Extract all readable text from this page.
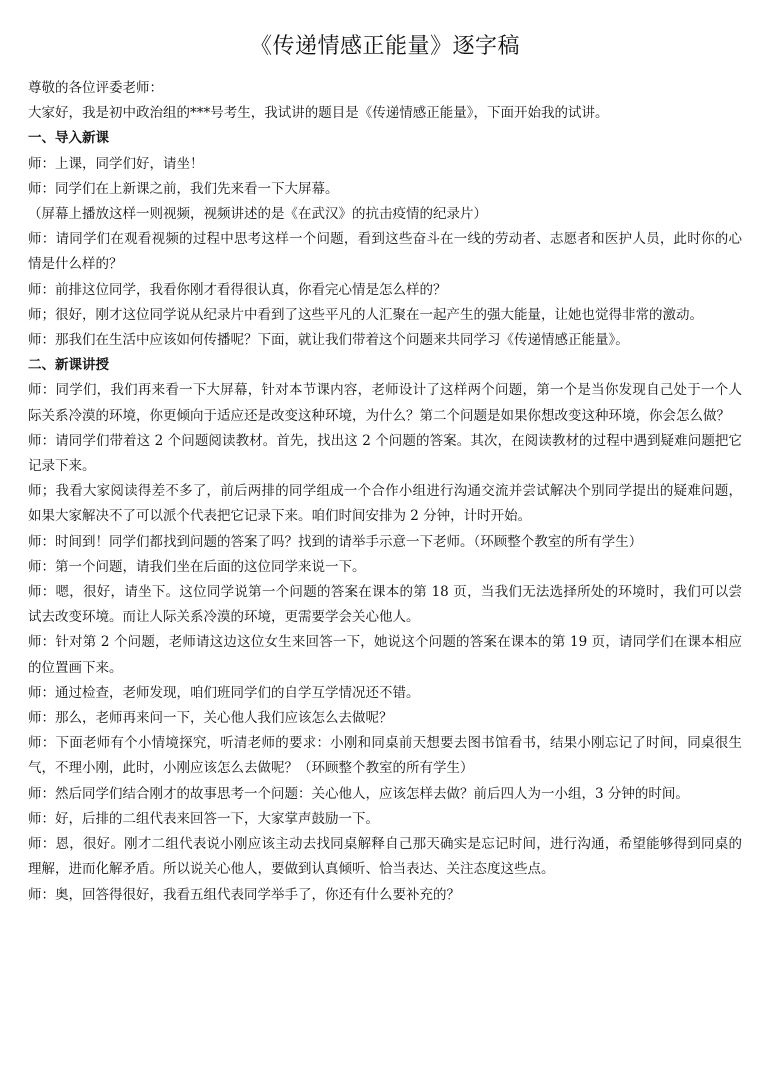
《传递情感正能量》逐字稿

尊敬的各位评委老师：

大家好，我是初中政治组的***号考生，我试讲的题目是《传递情感正能量》，下面开始我的试讲。

一、导入新课

师：上课，同学们好，请坐！

师：同学们在上新课之前，我们先来看一下大屏幕。

（屏幕上播放这样一则视频，视频讲述的是《在武汉》的抗击疫情的纪录片）

师：请同学们在观看视频的过程中思考这样一个问题，看到这些奋斗在一线的劳动者、志愿者和医护人员，此时你的心情是什么样的？

师：前排这位同学，我看你刚才看得很认真，你看完心情是怎么样的？

师；很好，刚才这位同学说从纪录片中看到了这些平凡的人汇聚在一起产生的强大能量，让她也觉得非常的激动。

师：那我们在生活中应该如何传播呢？下面，就让我们带着这个问题来共同学习《传递情感正能量》。

二、新课讲授

师：同学们，我们再来看一下大屏幕，针对本节课内容，老师设计了这样两个问题，第一个是当你发现自己处于一个人际关系冷漠的环境，你更倾向于适应还是改变这种环境，为什么？第二个问题是如果你想改变这种环境，你会怎么做？

师：请同学们带着这 2 个问题阅读教材。首先，找出这 2 个问题的答案。其次，在阅读教材的过程中遇到疑难问题把它记录下来。

师；我看大家阅读得差不多了，前后两排的同学组成一个合作小组进行沟通交流并尝试解决个别同学提出的疑难问题，如果大家解决不了可以派个代表把它记录下来。咱们时间安排为 2 分钟，计时开始。

师：时间到！同学们都找到问题的答案了吗？找到的请举手示意一下老师。（环顾整个教室的所有学生）

师：第一个问题，请我们坐在后面的这位同学来说一下。

师：嗯，很好，请坐下。这位同学说第一个问题的答案在课本的第 18 页，当我们无法选择所处的环境时，我们可以尝试去改变环境。而让人际关系冷漠的环境，更需要学会关心他人。

师：针对第 2 个问题，老师请这边这位女生来回答一下，她说这个问题的答案在课本的第 19 页，请同学们在课本相应的位置画下来。

师：通过检查，老师发现，咱们班同学们的自学互学情况还不错。

师：那么，老师再来问一下，关心他人我们应该怎么去做呢？

师：下面老师有个小情境探究，听清老师的要求：小刚和同桌前天想要去图书馆看书，结果小刚忘记了时间，同桌很生气，不理小刚，此时，小刚应该怎么去做呢？（环顾整个教室的所有学生）

师：然后同学们结合刚才的故事思考一个问题：关心他人，应该怎样去做？前后四人为一小组，3 分钟的时间。

师：好，后排的二组代表来回答一下，大家掌声鼓励一下。

师：恩，很好。刚才二组代表说小刚应该主动去找同桌解释自己那天确实是忘记时间，进行沟通，希望能够得到同桌的理解，进而化解矛盾。所以说关心他人，要做到认真倾听、恰当表达、关注态度这些点。

师：奥，回答得很好，我看五组代表同学举手了，你还有什么要补充的？
